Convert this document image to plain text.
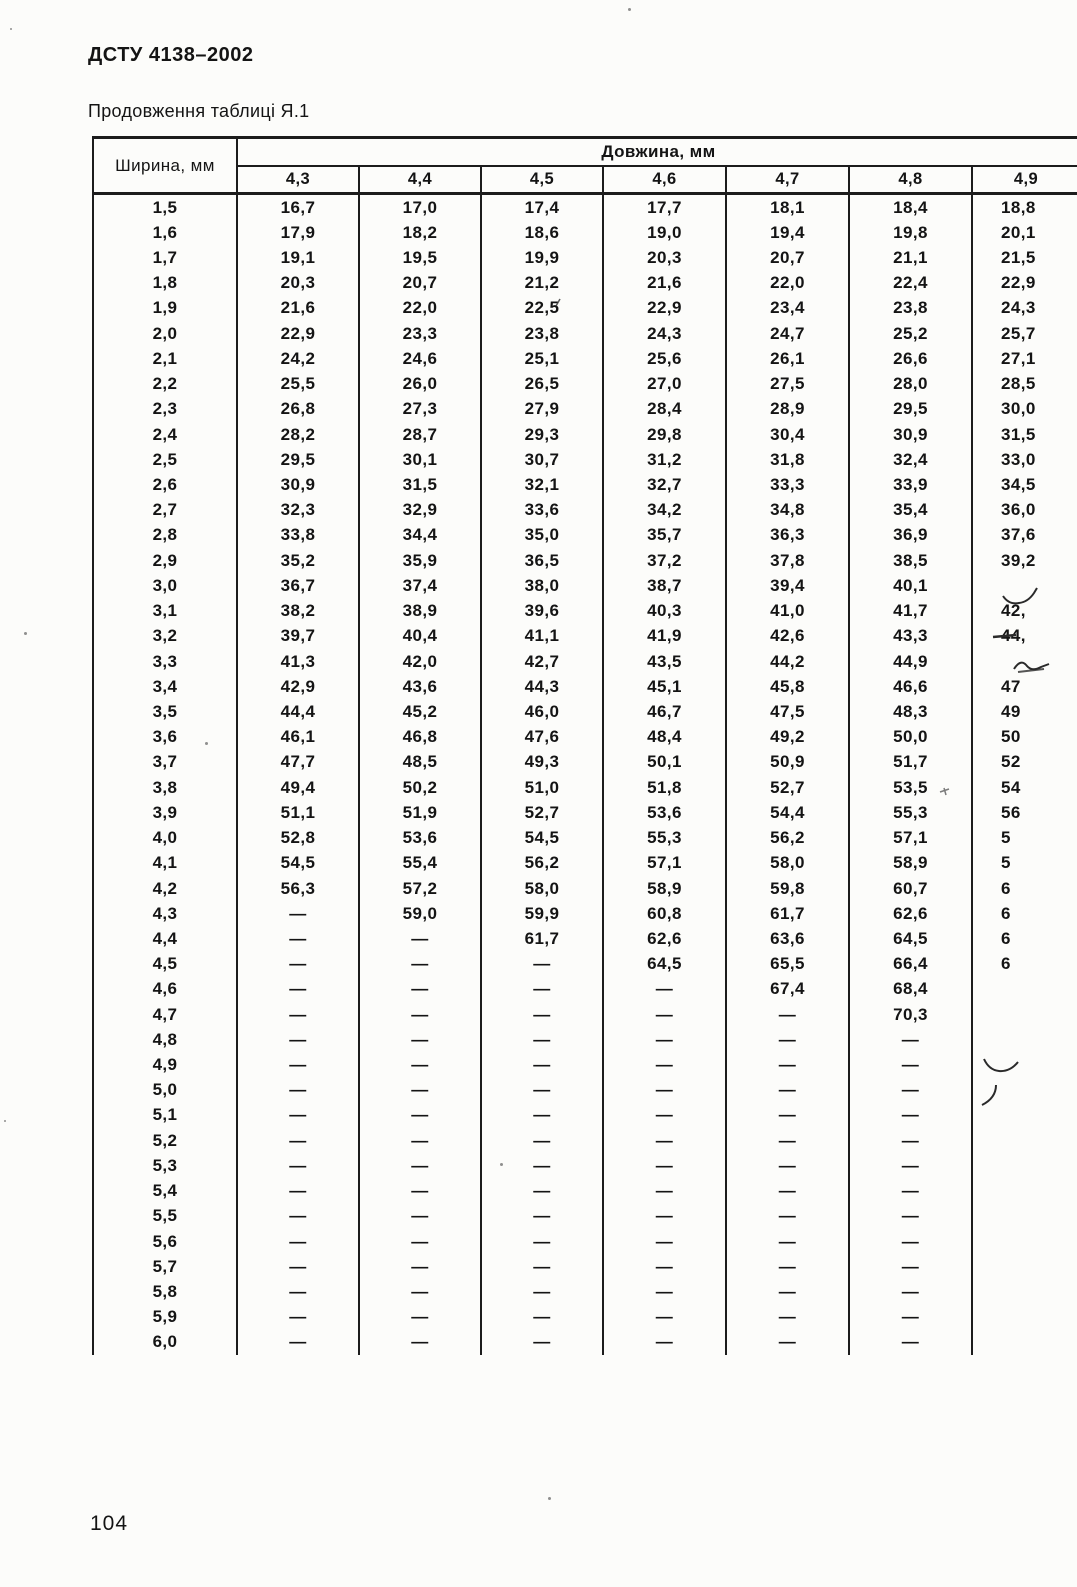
ДСТУ 4138–2002
Продовження таблиці Я.1
Ширина, мм
Довжина, мм
4,3	4,4	4,5	4,6	4,7	4,8	4,9
1,5	16,7	17,0	17,4	17,7	18,1	18,4	18,8
1,6	17,9	18,2	18,6	19,0	19,4	19,8	20,1
1,7	19,1	19,5	19,9	20,3	20,7	21,1	21,5
1,8	20,3	20,7	21,2	21,6	22,0	22,4	22,9
1,9	21,6	22,0	22,5	22,9	23,4	23,8	24,3
2,0	22,9	23,3	23,8	24,3	24,7	25,2	25,7
2,1	24,2	24,6	25,1	25,6	26,1	26,6	27,1
2,2	25,5	26,0	26,5	27,0	27,5	28,0	28,5
2,3	26,8	27,3	27,9	28,4	28,9	29,5	30,0
2,4	28,2	28,7	29,3	29,8	30,4	30,9	31,5
2,5	29,5	30,1	30,7	31,2	31,8	32,4	33,0
2,6	30,9	31,5	32,1	32,7	33,3	33,9	34,5
2,7	32,3	32,9	33,6	34,2	34,8	35,4	36,0
2,8	33,8	34,4	35,0	35,7	36,3	36,9	37,6
2,9	35,2	35,9	36,5	37,2	37,8	38,5	39,2
3,0	36,7	37,4	38,0	38,7	39,4	40,1
3,1	38,2	38,9	39,6	40,3	41,0	41,7	42,
3,2	39,7	40,4	41,1	41,9	42,6	43,3	44,
3,3	41,3	42,0	42,7	43,5	44,2	44,9
3,4	42,9	43,6	44,3	45,1	45,8	46,6	47
3,5	44,4	45,2	46,0	46,7	47,5	48,3	49
3,6	46,1	46,8	47,6	48,4	49,2	50,0	50
3,7	47,7	48,5	49,3	50,1	50,9	51,7	52
3,8	49,4	50,2	51,0	51,8	52,7	53,5	54
3,9	51,1	51,9	52,7	53,6	54,4	55,3	56
4,0	52,8	53,6	54,5	55,3	56,2	57,1	5
4,1	54,5	55,4	56,2	57,1	58,0	58,9	5
4,2	56,3	57,2	58,0	58,9	59,8	60,7	6
4,3	—	59,0	59,9	60,8	61,7	62,6	6
4,4	—	—	61,7	62,6	63,6	64,5	6
4,5	—	—	—	64,5	65,5	66,4	6
4,6	—	—	—	—	67,4	68,4
4,7	—	—	—	—	—	70,3
4,8	—	—	—	—	—	—
4,9	—	—	—	—	—	—
5,0	—	—	—	—	—	—
5,1	—	—	—	—	—	—
5,2	—	—	—	—	—	—
5,3	—	—	—	—	—	—
5,4	—	—	—	—	—	—
5,5	—	—	—	—	—	—
5,6	—	—	—	—	—	—
5,7	—	—	—	—	—	—
5,8	—	—	—	—	—	—
5,9	—	—	—	—	—	—
6,0	—	—	—	—	—	—
104
